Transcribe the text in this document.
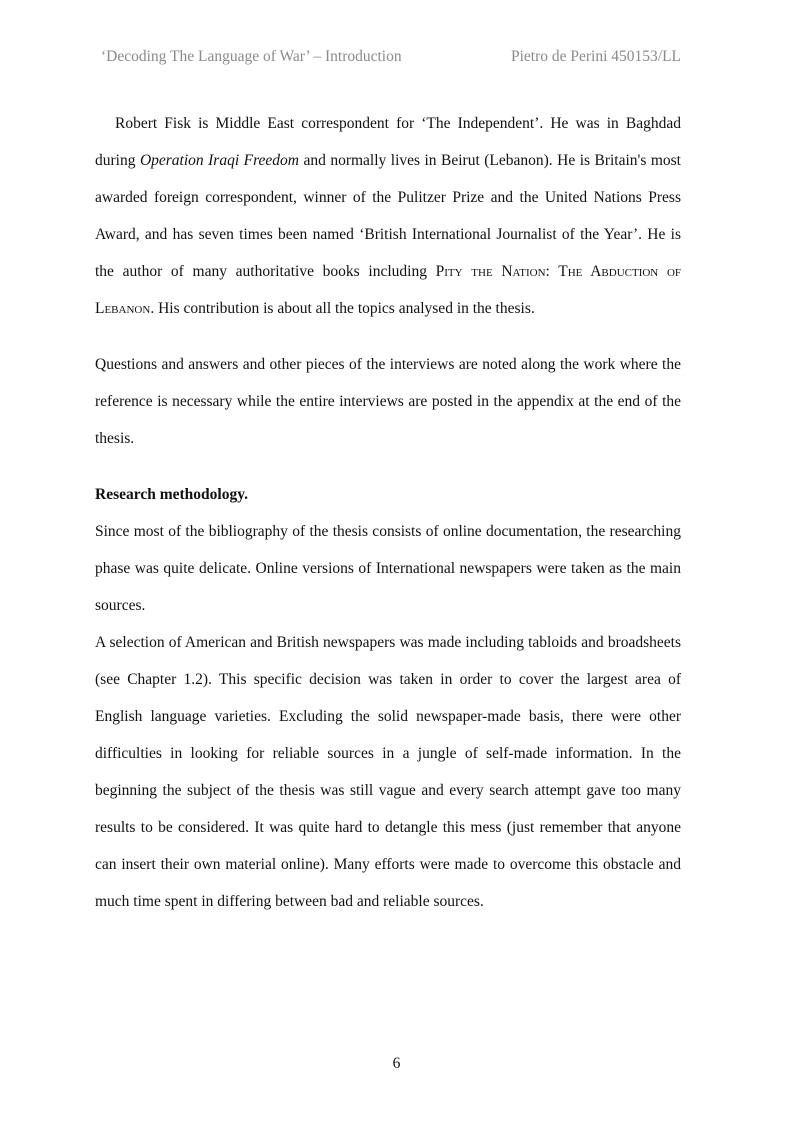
‘Decoding The Language of War’ – Introduction	Pietro de Perini 450153/LL

Robert Fisk is Middle East correspondent for ‘The Independent’. He was in Baghdad during Operation Iraqi Freedom and normally lives in Beirut (Lebanon). He is Britain's most awarded foreign correspondent, winner of the Pulitzer Prize and the United Nations Press Award, and has seven times been named ‘British International Journalist of the Year’. He is the author of many authoritative books including Pity the Nation: The Abduction of Lebanon. His contribution is about all the topics analysed in the thesis.

Questions and answers and other pieces of the interviews are noted along the work where the reference is necessary while the entire interviews are posted in the appendix at the end of the thesis.

Research methodology.

Since most of the bibliography of the thesis consists of online documentation, the researching phase was quite delicate. Online versions of International newspapers were taken as the main sources.

A selection of American and British newspapers was made including tabloids and broadsheets (see Chapter 1.2). This specific decision was taken in order to cover the largest area of English language varieties. Excluding the solid newspaper-made basis, there were other difficulties in looking for reliable sources in a jungle of self-made information. In the beginning the subject of the thesis was still vague and every search attempt gave too many results to be considered. It was quite hard to detangle this mess (just remember that anyone can insert their own material online). Many efforts were made to overcome this obstacle and much time spent in differing between bad and reliable sources.

6
